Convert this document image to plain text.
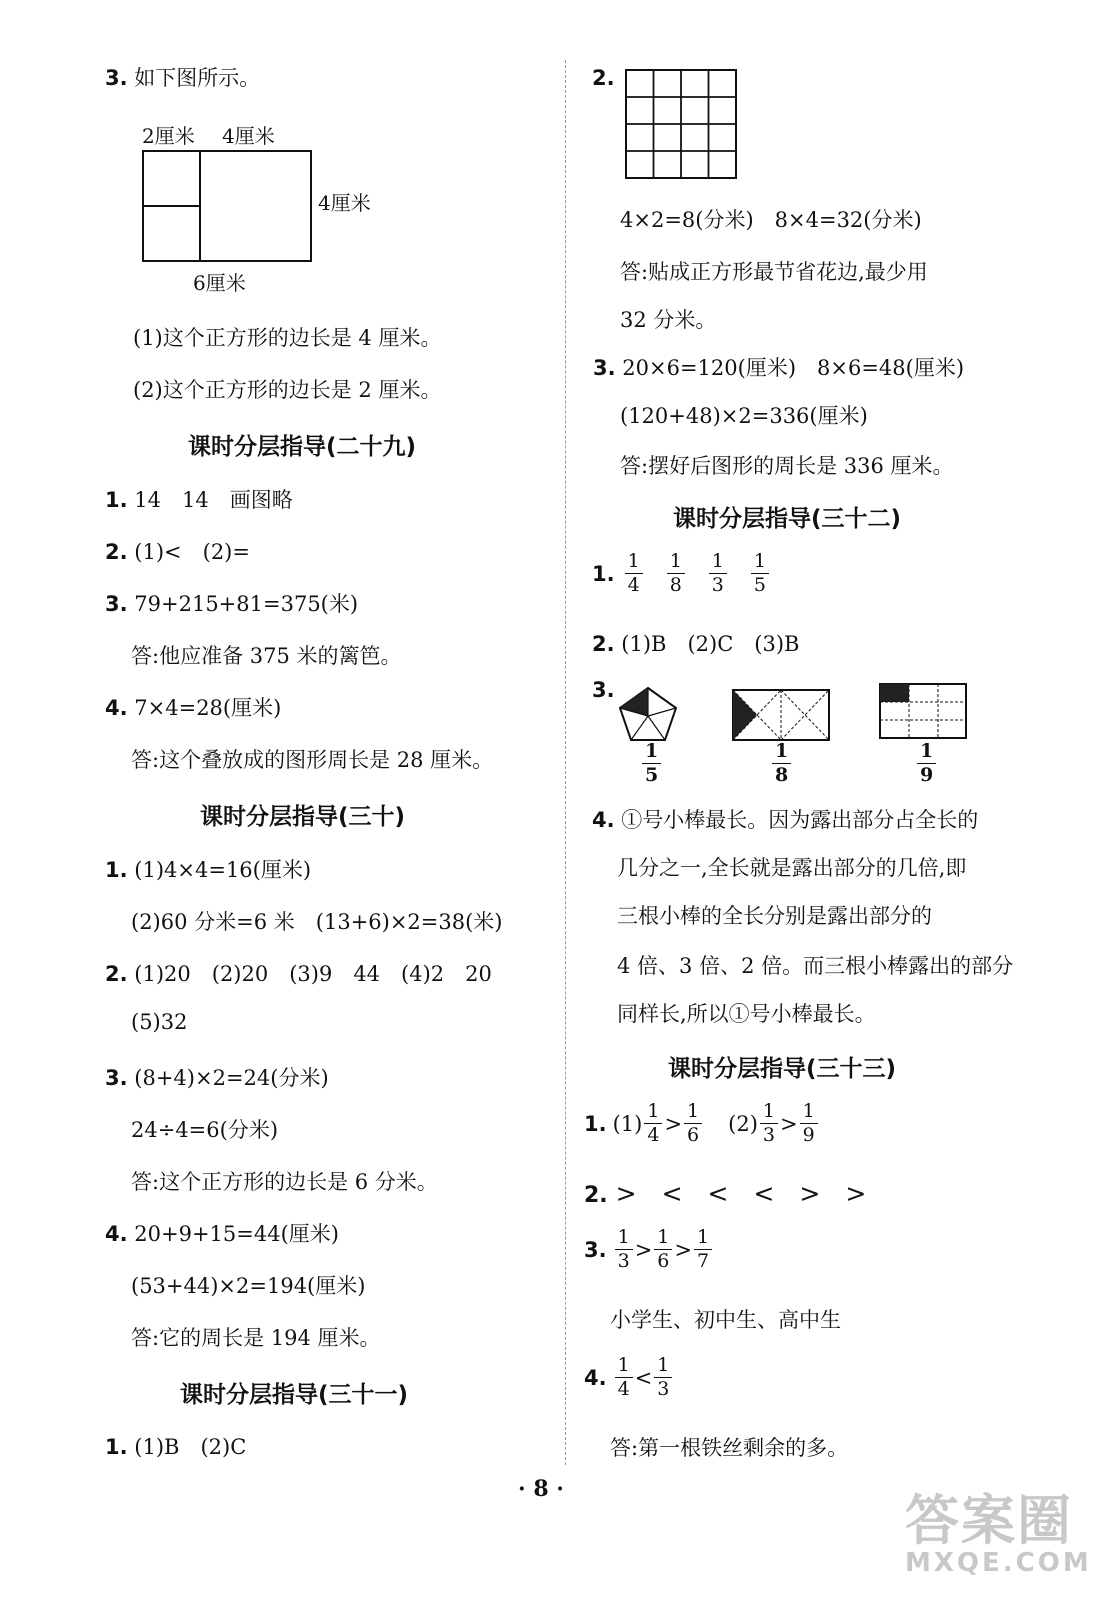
3. 如下图所示。
2厘米 4厘米
4厘米
6厘米
(1)这个正方形的边长是 4 厘米。
(2)这个正方形的边长是 2 厘米。
课时分层指导(二十九)
1. 14　14　画图略
2. (1)<　(2)=
3. 79+215+81=375(米)
答:他应准备 375 米的篱笆。
4. 7×4=28(厘米)
答:这个叠放成的图形周长是 28 厘米。
课时分层指导(三十)
1. (1)4×4=16(厘米)
(2)60 分米=6 米　(13+6)×2=38(米)
2. (1)20　(2)20　(3)9　44　(4)2　20
(5)32
3. (8+4)×2=24(分米)
24÷4=6(分米)
答:这个正方形的边长是 6 分米。
4. 20+9+15=44(厘米)
(53+44)×2=194(厘米)
答:它的周长是 194 厘米。
课时分层指导(三十一)
1. (1)B　(2)C
2.
4×2=8(分米)　8×4=32(分米)
答:贴成正方形最节省花边,最少用
32 分米。
3. 20×6=120(厘米)　8×6=48(厘米)
(120+48)×2=336(厘米)
答:摆好后图形的周长是 336 厘米。
课时分层指导(三十二)
1. $\frac{1}{4} \frac{1}{8} \frac{1}{3} \frac{1}{5}$
2. (1)B　(2)C　(3)B
3.
$\frac{1}{5}$	$\frac{1}{8}$	$\frac{1}{9}$
4. ①号小棒最长。因为露出部分占全长的
几分之一,全长就是露出部分的几倍,即
三根小棒的全长分别是露出部分的
4 倍、3 倍、2 倍。而三根小棒露出的部分
同样长,所以①号小棒最长。
课时分层指导(三十三)
1. $(1) \frac{1}{4} > \frac{1}{6} (2) \frac{1}{3} > \frac{1}{9}$
2. >　<　<　<　>　>
3. $\frac{1}{3} > \frac{1}{6} > \frac{1}{7}$
小学生、初中生、高中生
4. $\frac{1}{4} < \frac{1}{3}$
答:第一根铁丝剩余的多。
· 8 ·	答案圈
MXQE.COM
